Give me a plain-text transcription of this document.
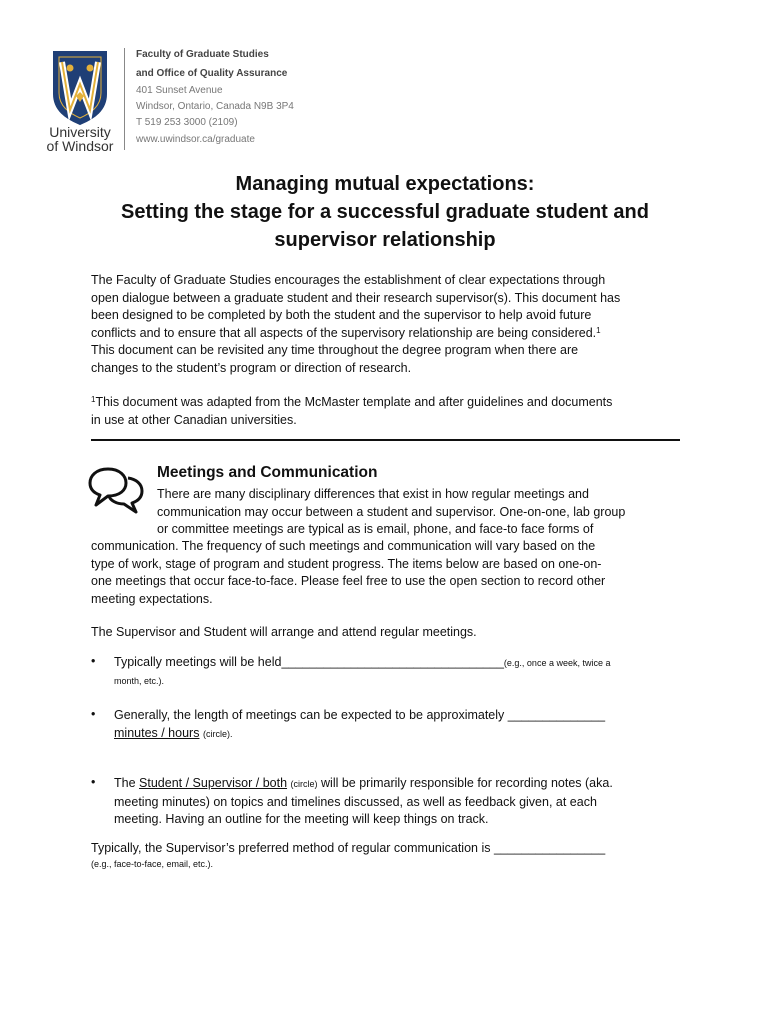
University
of Windsor
Faculty of Graduate Studies
and Office of Quality Assurance
401 Sunset Avenue
Windsor, Ontario, Canada N9B 3P4
T 519 253 3000 (2109)
www.uwindsor.ca/graduate
Managing mutual expectations:
Setting the stage for a successful graduate student and
supervisor relationship
The Faculty of Graduate Studies encourages the establishment of clear expectations through
open dialogue between a graduate student and their research supervisor(s). This document has
been designed to be completed by both the student and the supervisor to help avoid future
conflicts and to ensure that all aspects of the supervisory relationship are being considered.$^1$
This document can be revisited any time throughout the degree program when there are
changes to the student’s program or direction of research.
$^1$This document was adapted from the McMaster template and after guidelines and documents
in use at other Canadian universities.
Meetings and Communication
There are many disciplinary differences that exist in how regular meetings and
communication may occur between a student and supervisor. One-on-one, lab group
or committee meetings are typical as is email, phone, and face-to face forms of
communication. The frequency of such meetings and communication will vary based on the
type of work, stage of program and student progress. The items below are based on one-on-
one meetings that occur face-to-face. Please feel free to use the open section to record other
meeting expectations.
The Supervisor and Student will arrange and attend regular meetings.
• Typically meetings will be held________________________________(e.g., once a week, twice a
month, etc.).
• Generally, the length of meetings can be expected to be approximately ______________
minutes / hours (circle).
• The Student / Supervisor / both (circle) will be primarily responsible for recording notes (aka.
meeting minutes) on topics and timelines discussed, as well as feedback given, at each
meeting. Having an outline for the meeting will keep things on track.
Typically, the Supervisor’s preferred method of regular communication is ________________
(e.g., face-to-face, email, etc.).
